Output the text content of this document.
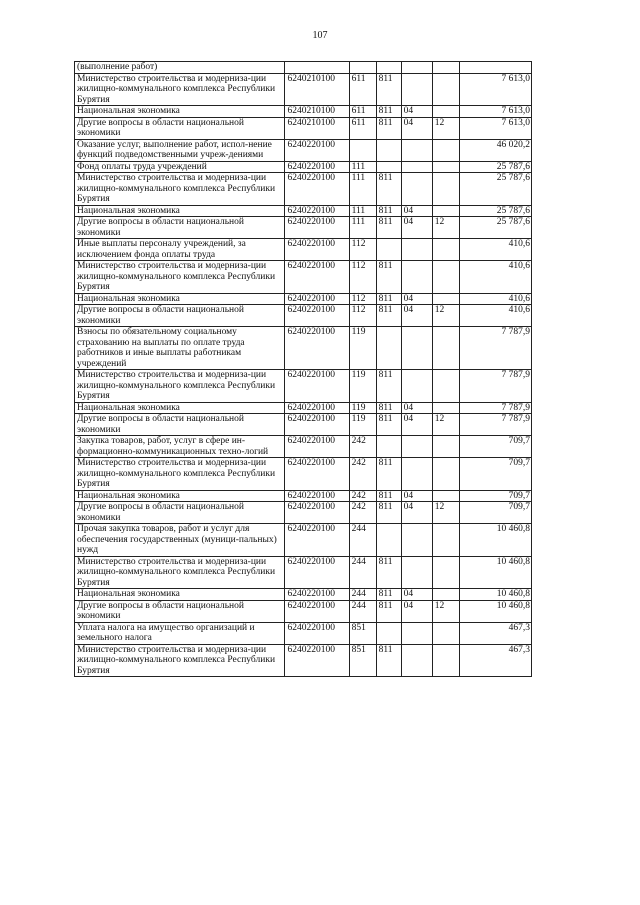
107
(выполнение работ)						
Министерство строительства и модерниза-ции жилищно-коммунального комплекса Республики Бурятия	6240210100	611	811			7 613,0
Национальная экономика	6240210100	611	811	04		7 613,0
Другие вопросы в области национальной экономики	6240210100	611	811	04	12	7 613,0
Оказание услуг, выполнение работ, испол-нение функций подведомственными учреж-дениями	6240220100					46 020,2
Фонд оплаты труда учреждений	6240220100	111				25 787,6
Министерство строительства и модерниза-ции жилищно-коммунального комплекса Республики Бурятия	6240220100	111	811			25 787,6
Национальная экономика	6240220100	111	811	04		25 787,6
Другие вопросы в области национальной экономики	6240220100	111	811	04	12	25 787,6
Иные выплаты персоналу учреждений, за исключением фонда оплаты труда	6240220100	112				410,6
Министерство строительства и модерниза-ции жилищно-коммунального комплекса Республики Бурятия	6240220100	112	811			410,6
Национальная экономика	6240220100	112	811	04		410,6
Другие вопросы в области национальной экономики	6240220100	112	811	04	12	410,6
Взносы по обязательному социальному страхованию на выплаты по оплате труда работников и иные выплаты работникам учреждений	6240220100	119				7 787,9
Министерство строительства и модерниза-ции жилищно-коммунального комплекса Республики Бурятия	6240220100	119	811			7 787,9
Национальная экономика	6240220100	119	811	04		7 787,9
Другие вопросы в области национальной экономики	6240220100	119	811	04	12	7 787,9
Закупка товаров, работ, услуг в сфере ин-формационно-коммуникационных техно-логий	6240220100	242				709,7
Министерство строительства и модерниза-ции жилищно-коммунального комплекса Республики Бурятия	6240220100	242	811			709,7
Национальная экономика	6240220100	242	811	04		709,7
Другие вопросы в области национальной экономики	6240220100	242	811	04	12	709,7
Прочая закупка товаров, работ и услуг для обеспечения государственных (муници-пальных) нужд	6240220100	244				10 460,8
Министерство строительства и модерниза-ции жилищно-коммунального комплекса Республики Бурятия	6240220100	244	811			10 460,8
Национальная экономика	6240220100	244	811	04		10 460,8
Другие вопросы в области национальной экономики	6240220100	244	811	04	12	10 460,8
Уплата налога на имущество организаций и земельного налога	6240220100	851				467,3
Министерство строительства и модерниза-ции жилищно-коммунального комплекса Республики Бурятия	6240220100	851	811			467,3
